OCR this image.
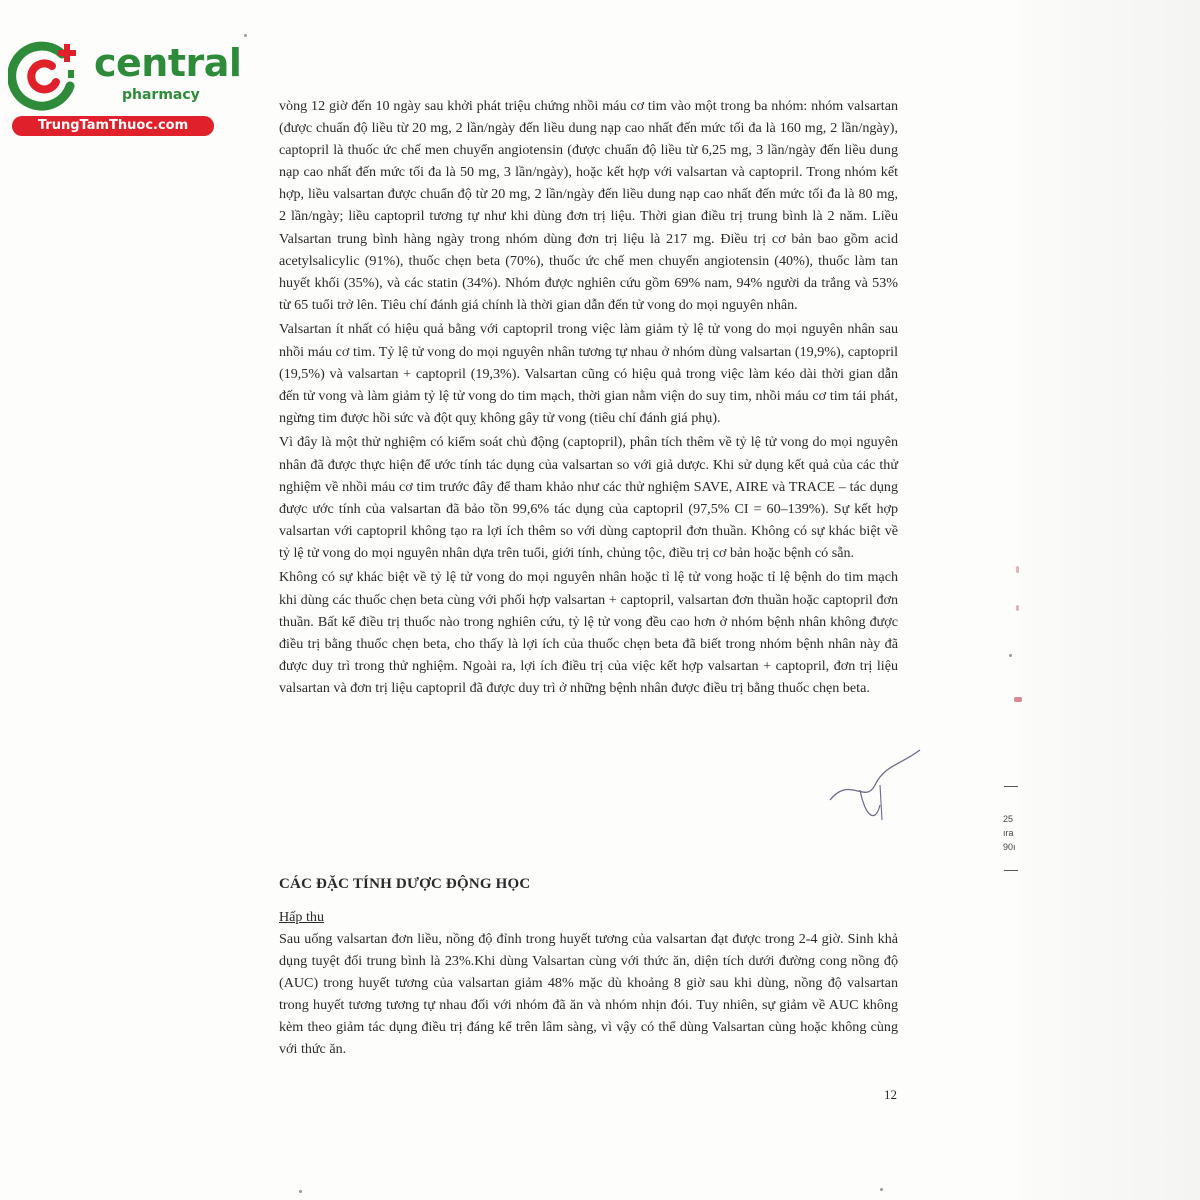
central
pharmacy
TrungTamThuoc.com

vòng 12 giờ đến 10 ngày sau khởi phát triệu chứng nhồi máu cơ tim vào một trong ba nhóm: nhóm valsartan (được chuẩn độ liều từ 20 mg, 2 lần/ngày đến liều dung nạp cao nhất đến mức tối đa là 160 mg, 2 lần/ngày), captopril là thuốc ức chế men chuyển angiotensin (được chuẩn độ liều từ 6,25 mg, 3 lần/ngày đến liều dung nạp cao nhất đến mức tối đa là 50 mg, 3 lần/ngày), hoặc kết hợp với valsartan và captopril. Trong nhóm kết hợp, liều valsartan được chuẩn độ từ 20 mg, 2 lần/ngày đến liều dung nạp cao nhất đến mức tối đa là 80 mg, 2 lần/ngày; liều captopril tương tự như khi dùng đơn trị liệu. Thời gian điều trị trung bình là 2 năm. Liều Valsartan trung bình hàng ngày trong nhóm dùng đơn trị liệu là 217 mg. Điều trị cơ bản bao gồm acid acetylsalicylic (91%), thuốc chẹn beta (70%), thuốc ức chế men chuyển angiotensin (40%), thuốc làm tan huyết khối (35%), và các statin (34%). Nhóm được nghiên cứu gồm 69% nam, 94% người da trắng và 53% từ 65 tuổi trở lên. Tiêu chí đánh giá chính là thời gian dẫn đến tử vong do mọi nguyên nhân.

Valsartan ít nhất có hiệu quả bằng với captopril trong việc làm giảm tỷ lệ tử vong do mọi nguyên nhân sau nhồi máu cơ tim. Tỷ lệ tử vong do mọi nguyên nhân tương tự nhau ở nhóm dùng valsartan (19,9%), captopril (19,5%) và valsartan + captopril (19,3%). Valsartan cũng có hiệu quả trong việc làm kéo dài thời gian dẫn đến tử vong và làm giảm tỷ lệ tử vong do tim mạch, thời gian nằm viện do suy tim, nhồi máu cơ tim tái phát, ngừng tim được hồi sức và đột quỵ không gây tử vong (tiêu chí đánh giá phụ).

Vì đây là một thử nghiệm có kiểm soát chủ động (captopril), phân tích thêm về tỷ lệ tử vong do mọi nguyên nhân đã được thực hiện để ước tính tác dụng của valsartan so với giả dược. Khi sử dụng kết quả của các thử nghiệm về nhồi máu cơ tim trước đây để tham khảo như các thử nghiệm SAVE, AIRE và TRACE – tác dụng được ước tính của valsartan đã bảo tồn 99,6% tác dụng của captopril (97,5% CI = 60–139%). Sự kết hợp valsartan với captopril không tạo ra lợi ích thêm so với dùng captopril đơn thuần. Không có sự khác biệt về tỷ lệ tử vong do mọi nguyên nhân dựa trên tuổi, giới tính, chủng tộc, điều trị cơ bản hoặc bệnh có sẵn.

Không có sự khác biệt về tỷ lệ tử vong do mọi nguyên nhân hoặc tỉ lệ tử vong hoặc tỉ lệ bệnh do tim mạch khi dùng các thuốc chẹn beta cùng với phối hợp valsartan + captopril, valsartan đơn thuần hoặc captopril đơn thuần. Bất kể điều trị thuốc nào trong nghiên cứu, tỷ lệ tử vong đều cao hơn ở nhóm bệnh nhân không được điều trị bằng thuốc chẹn beta, cho thấy là lợi ích của thuốc chẹn beta đã biết trong nhóm bệnh nhân này đã được duy trì trong thử nghiệm. Ngoài ra, lợi ích điều trị của việc kết hợp valsartan + captopril, đơn trị liệu valsartan và đơn trị liệu captopril đã được duy trì ở những bệnh nhân được điều trị bằng thuốc chẹn beta.

CÁC ĐẶC TÍNH DƯỢC ĐỘNG HỌC
Hấp thu

Sau uống valsartan đơn liều, nồng độ đỉnh trong huyết tương của valsartan đạt được trong 2-4 giờ. Sinh khả dụng tuyệt đối trung bình là 23%.Khi dùng Valsartan cùng với thức ăn, diện tích dưới đường cong nồng độ (AUC) trong huyết tương của valsartan giảm 48% mặc dù khoảng 8 giờ sau khi dùng, nồng độ valsartan trong huyết tương tương tự nhau đối với nhóm đã ăn và nhóm nhịn đói. Tuy nhiên, sự giảm về AUC không kèm theo giảm tác dụng điều trị đáng kể trên lâm sàng, vì vậy có thể dùng Valsartan cùng hoặc không cùng với thức ăn.

12
25
ıra
90ı
